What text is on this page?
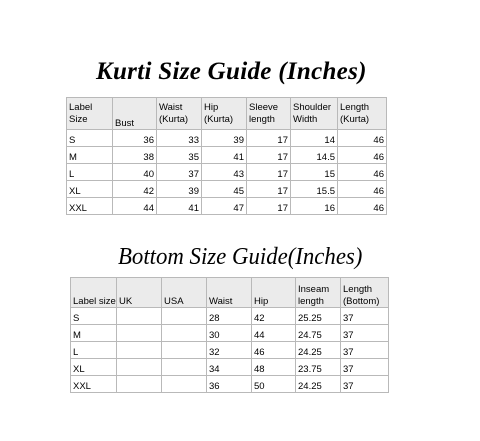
Kurti Size Guide (Inches)
Label Size	Bust	Waist (Kurta)	Hip (Kurta)	Sleeve length	Shoulder Width	Length (Kurta)
S	36	33	39	17	14	46
M	38	35	41	17	14.5	46
L	40	37	43	17	15	46
XL	42	39	45	17	15.5	46
XXL	44	41	47	17	16	46
Bottom Size Guide(Inches)
Label size	UK	USA	Waist	Hip	Inseam length	Length (Bottom)
S			28	42	25.25	37
M			30	44	24.75	37
L			32	46	24.25	37
XL			34	48	23.75	37
XXL			36	50	24.25	37
